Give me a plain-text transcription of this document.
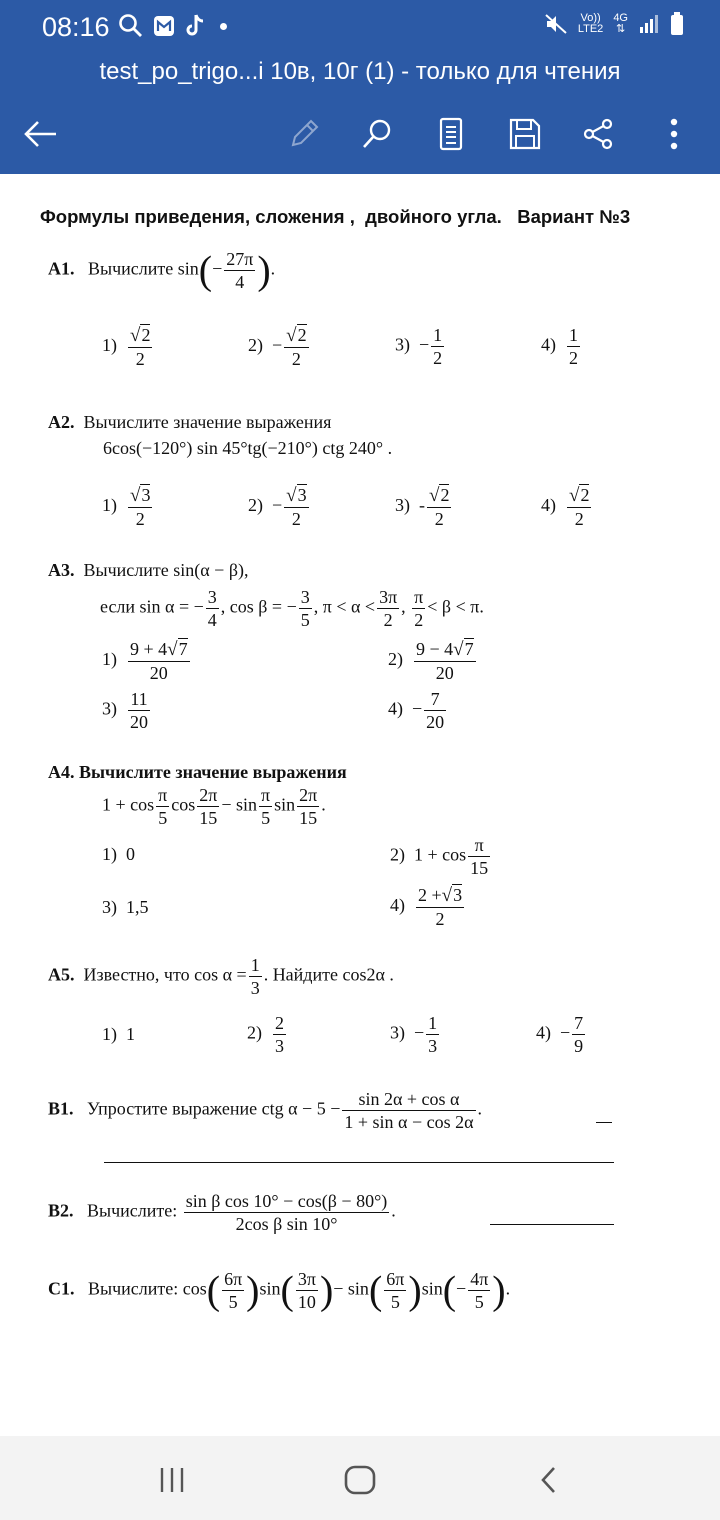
08:16	Vo))
LTE2
4G
⇅
test_po_trigo...i 10в, 10г (1) - только для чтения
Формулы приведения, сложения ,  двойного угла.   Вариант №3
А1. Вычислите $\sin(- \frac{27\pi}{4}$ ).
$1) \frac{√2}{2}$	$2) - \frac{√2}{2}$	$3) - \frac{1}{2}$	$4) \frac{1}{2}$
А2. Вычислите значение выражения
6cos(−120°) sin 45°tg(−210°) ctg 240° .
$1) \frac{√3}{2}$	$2) - \frac{√3}{2}$	$3) - \frac{√2}{2}$	$4) \frac{√2}{2}$
А3. Вычислите sin(α − β),
если sin α = − $\frac{3}{4}$ , cos β = − $\frac{3}{5}$ , $\pi < \alpha < \frac{3\pi}{2}$ , $\frac{\pi}{2} < \beta < \pi$.
$1) \frac{9 + 4√7}{20}$	$2) \frac{9 - 4√7}{20}$
$3) \frac{11}{20}$	$4) - \frac{7}{20}$
А4. Вычислите значение выражения
$1 + \cos \frac{\pi}{5}$ $\cos \frac{2\pi}{15} - \sin \frac{\pi}{5}$ $\sin \frac{2\pi}{15}$ .
1) 0	2) $1 + \cos \frac{\pi}{15}$
3) 1,5	$4) \frac{2 +√3}{2}$
А5. Известно, что $\cos \alpha = \frac{1}{3}$ . Найдите cos2α .
1) 1	$2) \frac{2}{3}$	$3) - \frac{1}{3}$	$4) - \frac{7}{9}$
В1. Упростите выражение ctg $\alpha - 5 - \frac{\text{sin 2α + cos α}}{\text{1 + sin α − cos 2α}}$ .
В2. Вычислите: $\frac{\text{sin β cos 10° − cos(β − 80°)}}{\text{2cos β sin 10°}}$ .
С1. Вычислите: $\cos( \frac{6\pi}{5} )\sin( \frac{3\pi}{10}$ )− $\sin( \frac{6\pi}{5} )\sin(- \frac{4\pi}{5}$ ).
